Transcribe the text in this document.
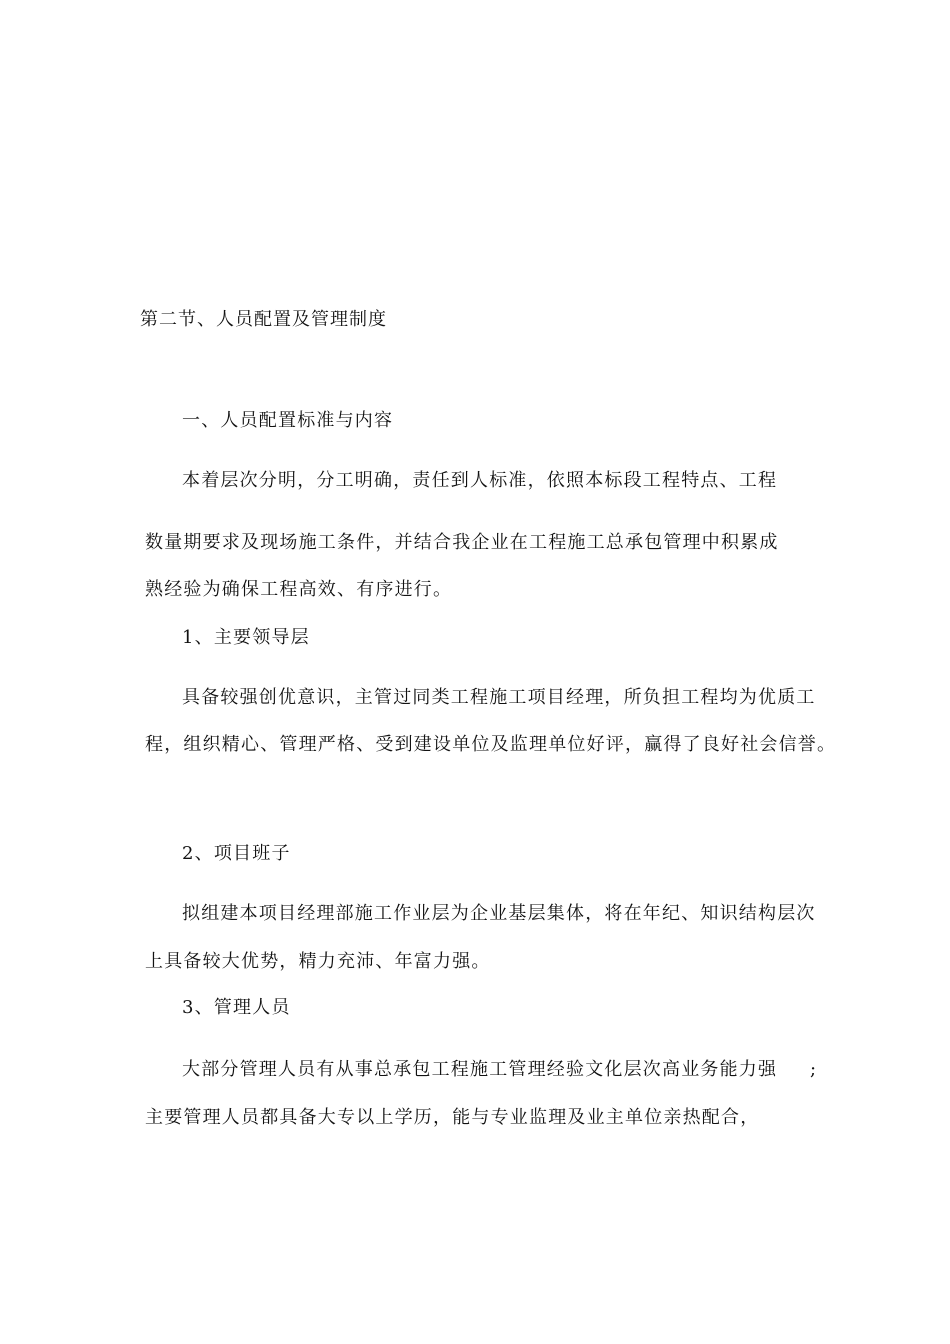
第二节、人员配置及管理制度
一、人员配置标准与内容
本着层次分明，分工明确，责任到人标准，依照本标段工程特点、工程
数量期要求及现场施工条件，并结合我企业在工程施工总承包管理中积累成
熟经验为确保工程高效、有序进行。
1、主要领导层
具备较强创优意识，主管过同类工程施工项目经理，所负担工程均为优质工
程，组织精心、管理严格、受到建设单位及监理单位好评，赢得了良好社会信誉。
2、项目班子
拟组建本项目经理部施工作业层为企业基层集体，将在年纪、知识结构层次
上具备较大优势，精力充沛、年富力强。
3、管理人员
大部分管理人员有从事总承包工程施工管理经验文化层次高业务能力强 ;
主要管理人员都具备大专以上学历，能与专业监理及业主单位亲热配合，
